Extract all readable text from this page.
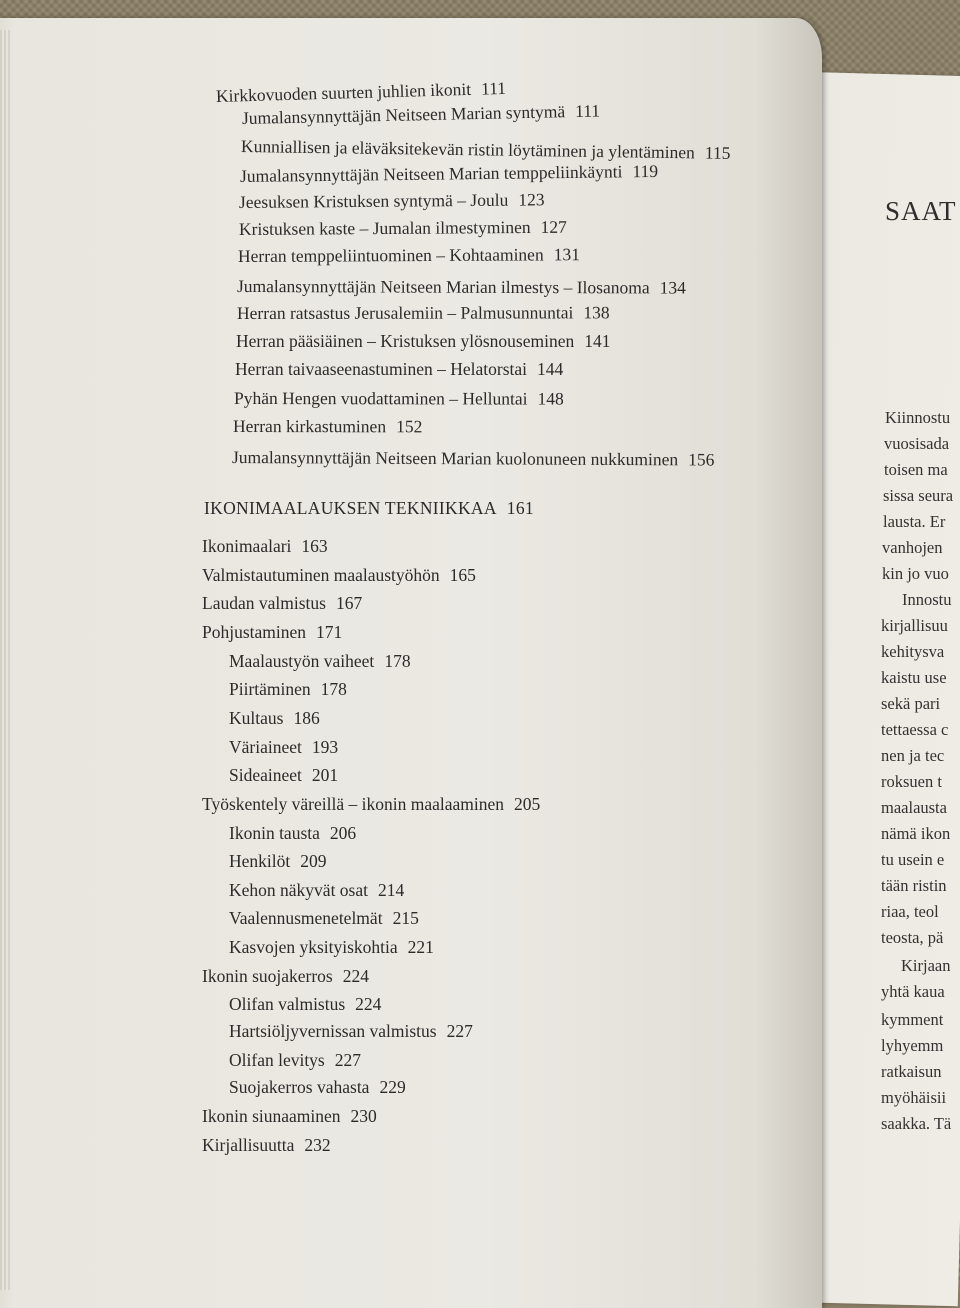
Kirkkovuoden suurten juhlien ikonit 111

Jumalansynnyttäjän Neitseen Marian syntymä 111

Kunniallisen ja eläväksitekevän ristin löytäminen ja ylentäminen 115

Jumalansynnyttäjän Neitseen Marian temppeliinkäynti 119

Jeesuksen Kristuksen syntymä – Joulu 123

Kristuksen kaste – Jumalan ilmestyminen 127

Herran temppeliintuominen – Kohtaaminen 131

Jumalansynnyttäjän Neitseen Marian ilmestys – Ilosanoma 134

Herran ratsastus Jerusalemiin – Palmusunnuntai 138

Herran pääsiäinen – Kristuksen ylösnouseminen 141

Herran taivaaseenastuminen – Helatorstai 144

Pyhän Hengen vuodattaminen – Helluntai 148

Herran kirkastuminen 152

Jumalansynnyttäjän Neitseen Marian kuolonuneen nukkuminen 156

IKONIMAALAUKSEN TEKNIIKKAA 161

Ikonimaalari 163

Valmistautuminen maalaustyöhön 165

Laudan valmistus 167

Pohjustaminen 171

Maalaustyön vaiheet 178

Piirtäminen 178

Kultaus 186

Väriaineet 193

Sideaineet 201

Työskentely väreillä – ikonin maalaaminen 205

Ikonin tausta 206

Henkilöt 209

Kehon näkyvät osat 214

Vaalennusmenetelmät 215

Kasvojen yksityiskohtia 221

Ikonin suojakerros 224

Olifan valmistus 224

Hartsiöljyvernissan valmistus 227

Olifan levitys 227

Suojakerros vahasta 229

Ikonin siunaaminen 230

Kirjallisuutta 232

SAAT

Kiinnostu

vuosisada

toisen ma

sissa seura

lausta. Er

vanhojen

kin jo vuo

Innostu

kirjallisuu

kehitysva

kaistu use

sekä pari

tettaessa c

nen ja tec

roksuen t

maalausta

nämä ikon

tu usein e

tään ristin

riaa, teol

teosta, pä

Kirjaan

yhtä kaua

kymment

lyhyemm

ratkaisun

myöhäisii

saakka. Tä
